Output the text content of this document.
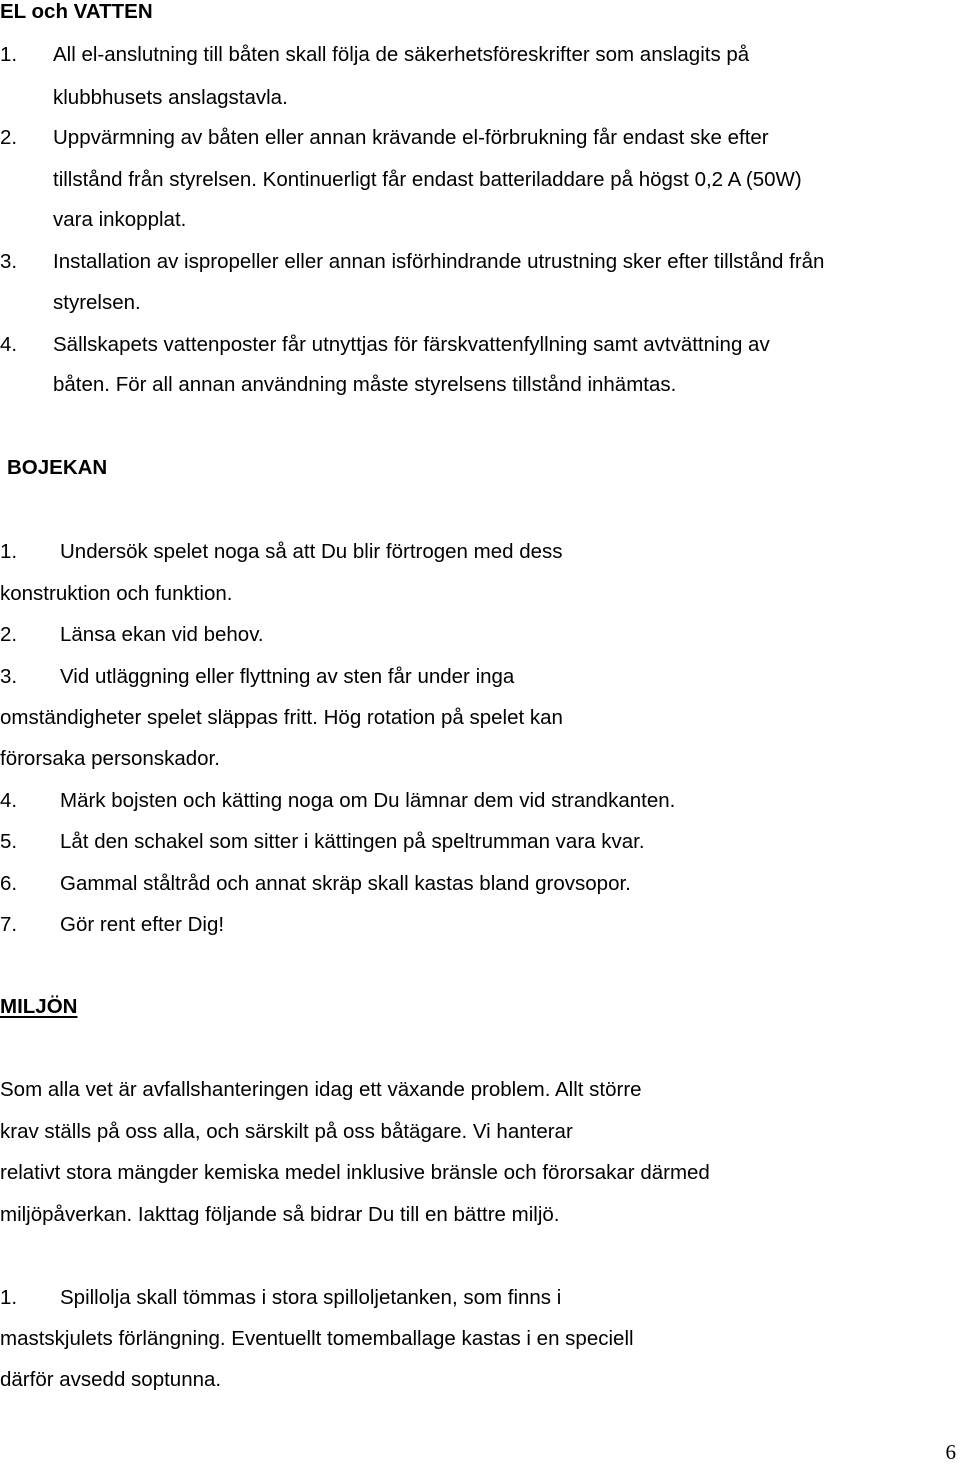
EL och VATTEN
1. All el-anslutning till båten skall följa de säkerhetsföreskrifter som anslagits på
klubbhusets anslagstavla.
2. Uppvärmning av båten eller annan krävande el-förbrukning får endast ske efter
tillstånd från styrelsen. Kontinuerligt får endast batteriladdare på högst 0,2 A (50W)
vara inkopplat.
3. Installation av ispropeller eller annan isförhindrande utrustning sker efter tillstånd från
styrelsen.
4. Sällskapets vattenposter får utnyttjas för färskvattenfyllning samt avtvättning av
båten. För all annan användning måste styrelsens tillstånd inhämtas.
BOJEKAN
1. Undersök spelet noga så att Du blir förtrogen med dess
konstruktion och funktion.
2. Länsa ekan vid behov.
3. Vid utläggning eller flyttning av sten får under inga
omständigheter spelet släppas fritt. Hög rotation på spelet kan
förorsaka personskador.
4. Märk bojsten och kätting noga om Du lämnar dem vid strandkanten.
5. Låt den schakel som sitter i kättingen på speltrumman vara kvar.
6. Gammal ståltråd och annat skräp skall kastas bland grovsopor.
7. Gör rent efter Dig!
MILJÖN
Som alla vet är avfallshanteringen idag ett växande problem. Allt större
krav ställs på oss alla, och särskilt på oss båtägare. Vi hanterar
relativt stora mängder kemiska medel inklusive bränsle och förorsakar därmed
miljöpåverkan. Iakttag följande så bidrar Du till en bättre miljö.
1. Spillolja skall tömmas i stora spilloljetanken, som finns i
mastskjulets förlängning. Eventuellt tomemballage kastas i en speciell
därför avsedd soptunna.
6
